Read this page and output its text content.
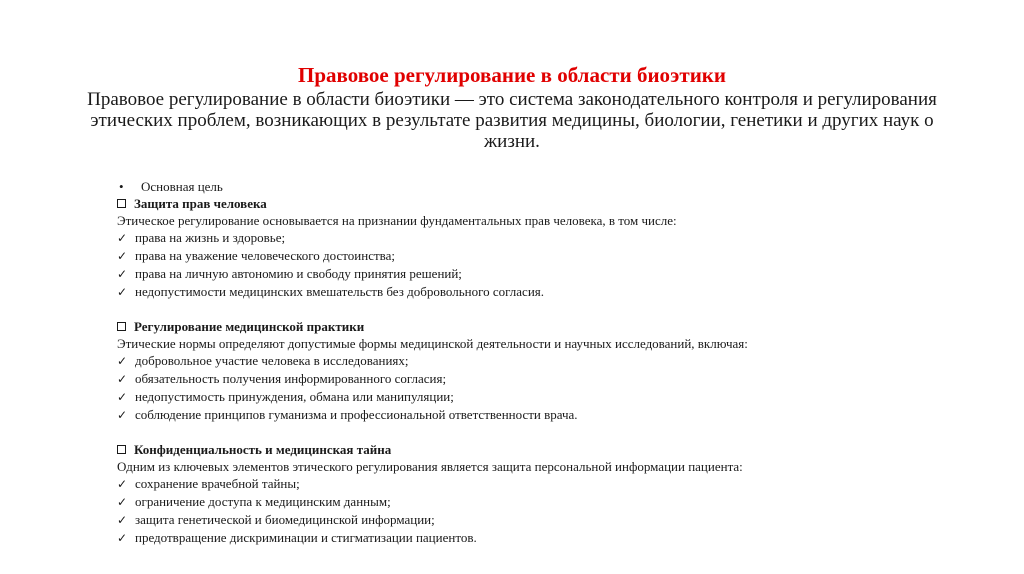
Правовое регулирование в области биоэтики
Правовое регулирование в области биоэтики — это система законодательного контроля и регулирования этических проблем, возникающих в результате развития медицины, биологии, генетики и других наук о жизни.
• Основная цель
Защита прав человека
Этическое регулирование основывается на признании фундаментальных прав человека, в том числе:
✓ права на жизнь и здоровье;
✓ права на уважение человеческого достоинства;
✓ права на личную автономию и свободу принятия решений;
✓ недопустимости медицинских вмешательств без добровольного согласия.
Регулирование медицинской практики
Этические нормы определяют допустимые формы медицинской деятельности и научных исследований, включая:
✓ добровольное участие человека в исследованиях;
✓ обязательность получения информированного согласия;
✓ недопустимость принуждения, обмана или манипуляции;
✓ соблюдение принципов гуманизма и профессиональной ответственности врача.
Конфиденциальность и медицинская тайна
Одним из ключевых элементов этического регулирования является защита персональной информации пациента:
✓ сохранение врачебной тайны;
✓ ограничение доступа к медицинским данным;
✓ защита генетической и биомедицинской информации;
✓ предотвращение дискриминации и стигматизации пациентов.
